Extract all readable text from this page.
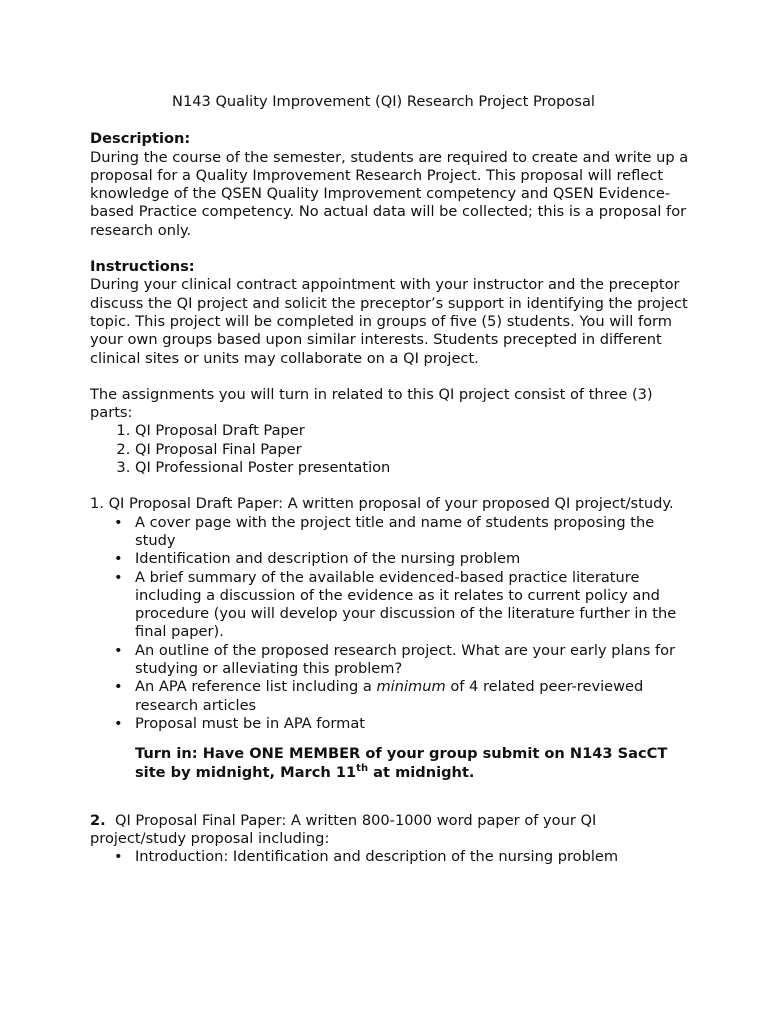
N143 Quality Improvement (QI) Research Project Proposal

Description:

During the course of the semester, students are required to create and write up a proposal for a Quality Improvement Research Project. This proposal will reflect knowledge of the QSEN Quality Improvement competency and QSEN Evidence-based Practice competency. No actual data will be collected; this is a proposal for research only.

Instructions:

During your clinical contract appointment with your instructor and the preceptor discuss the QI project and solicit the preceptor’s support in identifying the project topic. This project will be completed in groups of five (5) students. You will form your own groups based upon similar interests. Students precepted in different clinical sites or units may collaborate on a QI project.

The assignments you will turn in related to this QI project consist of three (3) parts:

1. QI Proposal Draft Paper
2. QI Proposal Final Paper
3. QI Professional Poster presentation

1. QI Proposal Draft Paper: A written proposal of your proposed QI project/study.

• A cover page with the project title and name of students proposing the study
• Identification and description of the nursing problem
• A brief summary of the available evidenced-based practice literature including a discussion of the evidence as it relates to current policy and procedure (you will develop your discussion of the literature further in the final paper).
• An outline of the proposed research project. What are your early plans for studying or alleviating this problem?
• An APA reference list including a minimum of 4 related peer-reviewed research articles
• Proposal must be in APA format

Turn in: Have ONE MEMBER of your group submit on N143 SacCT site by midnight, March 11th at midnight.

2.  QI Proposal Final Paper: A written 800-1000 word paper of your QI project/study proposal including:

• Introduction: Identification and description of the nursing problem
